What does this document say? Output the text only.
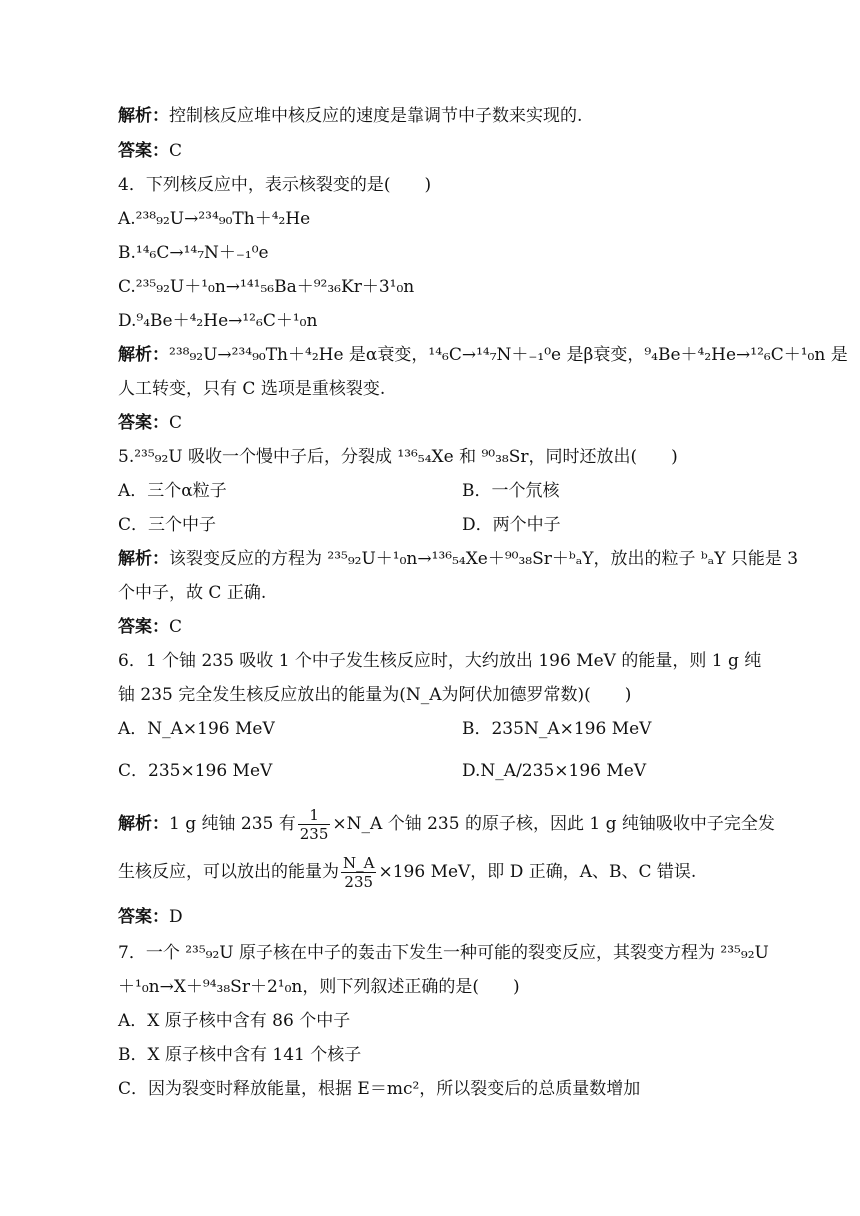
解析：控制核反应堆中核反应的速度是靠调节中子数来实现的.
答案：C
4．下列核反应中，表示核裂变的是(　　)
A.²³⁸₉₂U→²³⁴₉₀Th＋⁴₂He
B.¹⁴₆C→¹⁴₇N＋₋₁⁰e
C.²³⁵₉₂U＋¹₀n→¹⁴¹₅₆Ba＋⁹²₃₆Kr＋3¹₀n
D.⁹₄Be＋⁴₂He→¹²₆C＋¹₀n
解析：²³⁸₉₂U→²³⁴₉₀Th＋⁴₂He 是α衰变，¹⁴₆C→¹⁴₇N＋₋₁⁰e 是β衰变，⁹₄Be＋⁴₂He→¹²₆C＋¹₀n 是
人工转变，只有 C 选项是重核裂变.
答案：C
5.²³⁵₉₂U 吸收一个慢中子后，分裂成 ¹³⁶₅₄Xe 和 ⁹⁰₃₈Sr，同时还放出(　　)
A．三个α粒子	B．一个氘核
C．三个中子	D．两个中子
解析：该裂变反应的方程为 ²³⁵₉₂U＋¹₀n→¹³⁶₅₄Xe＋⁹⁰₃₈Sr＋ᵇₐY，放出的粒子 ᵇₐY 只能是 3
个中子，故 C 正确.
答案：C
6．1 个铀 235 吸收 1 个中子发生核反应时，大约放出 196 MeV 的能量，则 1 g 纯
铀 235 完全发生核反应放出的能量为(N_A为阿伏加德罗常数)(　　)
A．N_A×196 MeV	B．235N_A×196 MeV
C．235×196 MeV	D.N_A/235×196 MeV
解析：1 g 纯铀 235 有 $\frac{1}{235}$ ×N_A 个铀 235 的原子核，因此 1 g 纯铀吸收中子完全发
生核反应，可以放出的能量为 $\frac{N\_A}{235} \times 196$ MeV，即 D 正确，A、B、C 错误.
答案：D
7．一个 ²³⁵₉₂U 原子核在中子的轰击下发生一种可能的裂变反应，其裂变方程为 ²³⁵₉₂U
＋¹₀n→X＋⁹⁴₃₈Sr＋2¹₀n，则下列叙述正确的是(　　)
A．X 原子核中含有 86 个中子
B．X 原子核中含有 141 个核子
C．因为裂变时释放能量，根据 E＝mc²，所以裂变后的总质量数增加
